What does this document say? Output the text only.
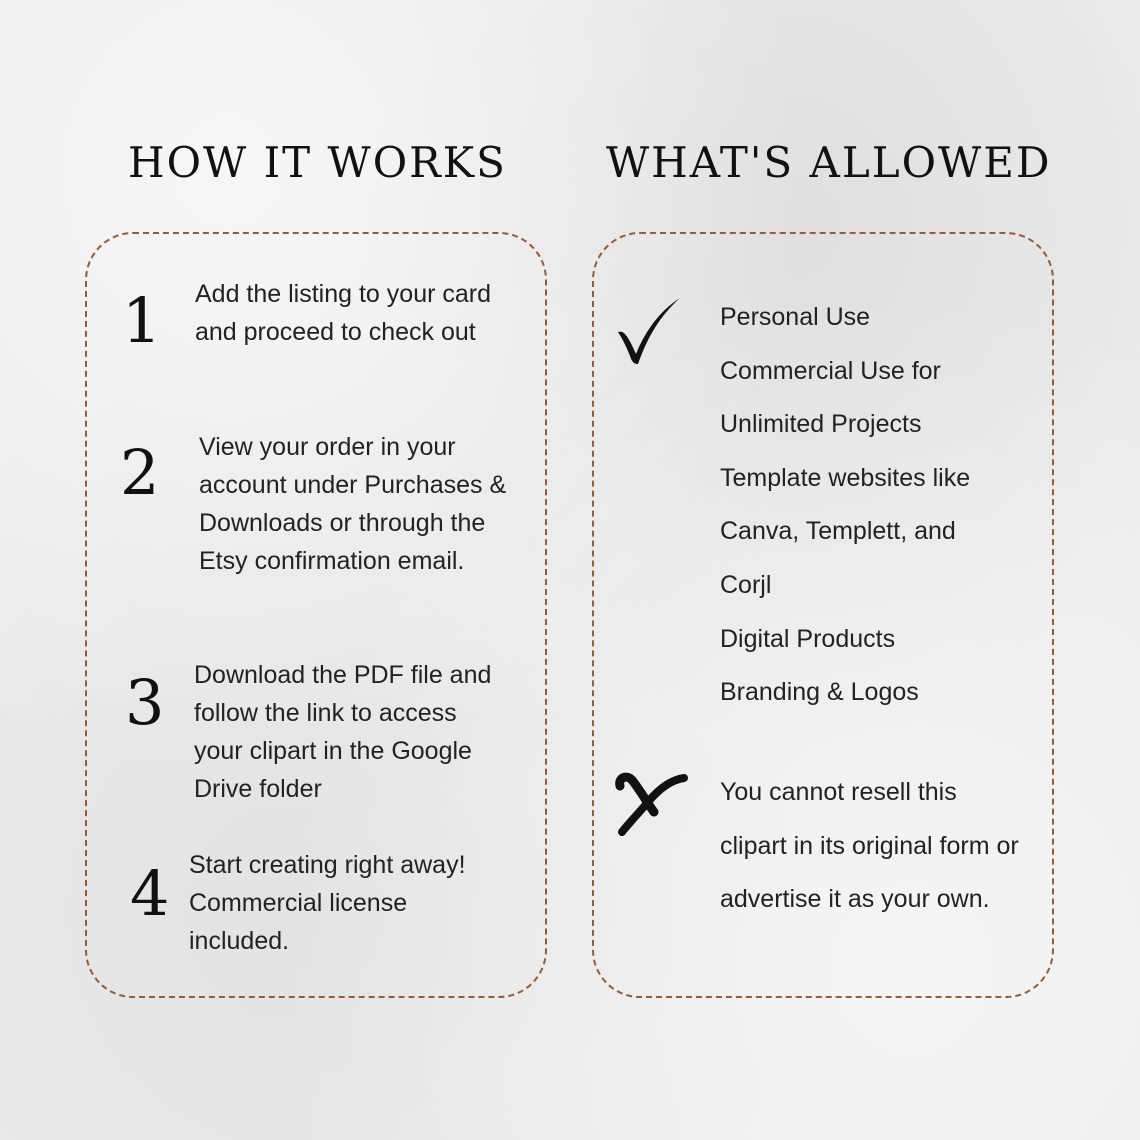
HOW IT WORKS WHAT'S ALLOWED
1 Add the listing to your card and proceed to check out
2 View your order in your account under Purchases & Downloads or through the Etsy confirmation email.
3 Download the PDF file and follow the link to access your clipart in the Google Drive folder
4 Start creating right away! Commercial license included.
Personal Use
Commercial Use for
Unlimited Projects
Template websites like
Canva, Templett, and
Corjl
Digital Products
Branding & Logos
You cannot resell this clipart in its original form or advertise it as your own.
